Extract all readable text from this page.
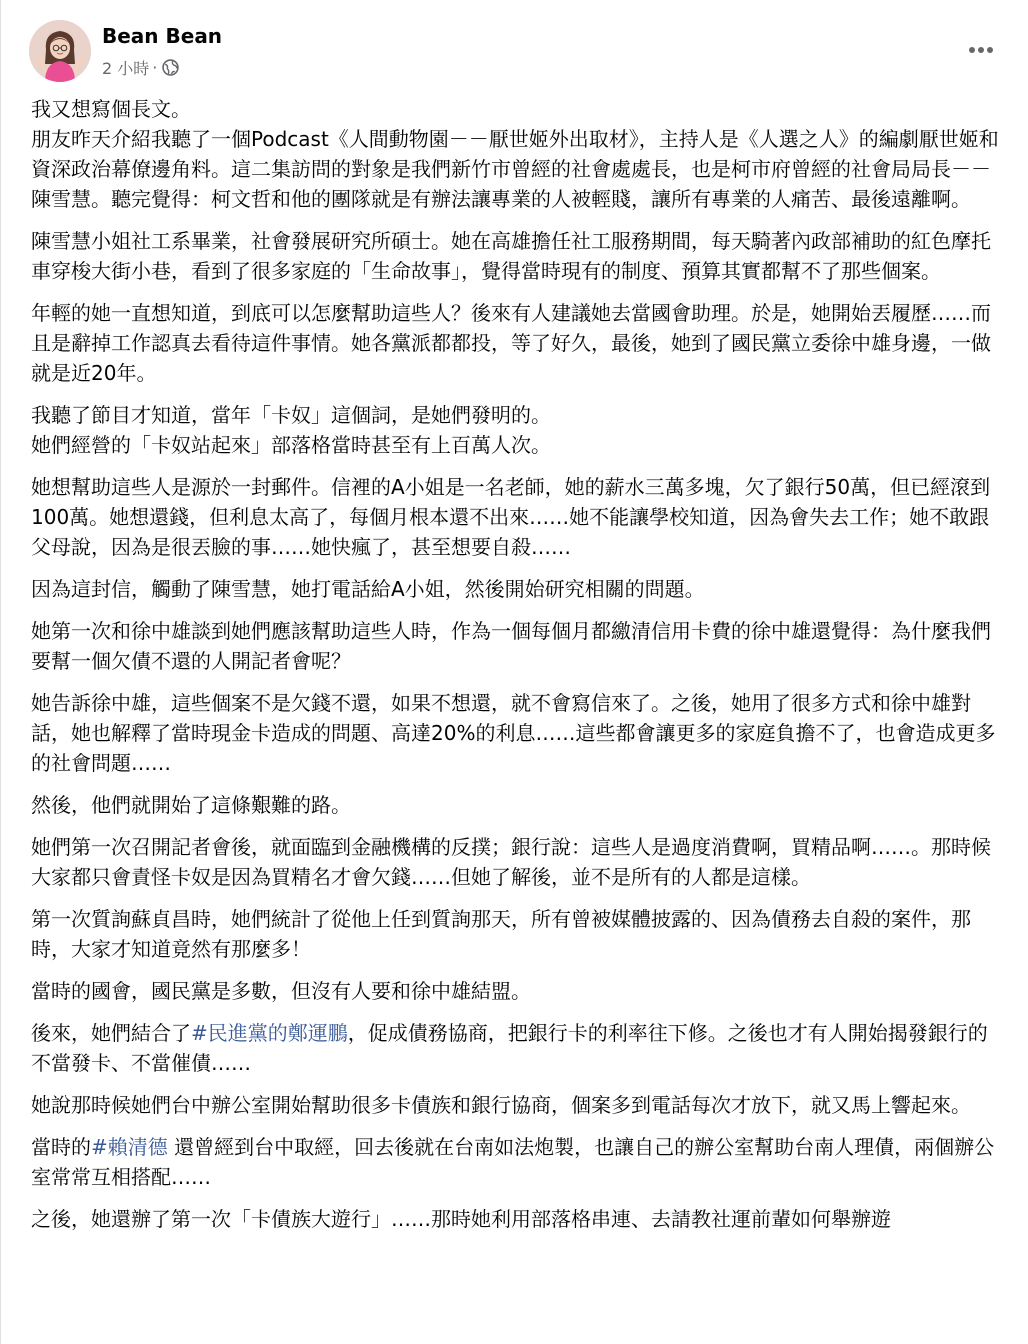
Bean Bean
2 小時 ·

我又想寫個長文。
朋友昨天介紹我聽了一個Podcast《人間動物園－－厭世姬外出取材》，主持人是《人選之人》的編劇厭世姬和資深政治幕僚邊角料。這二集訪問的對象是我們新竹市曾經的社會處處長，也是柯市府曾經的社會局局長－－陳雪慧。聽完覺得：柯文哲和他的團隊就是有辦法讓專業的人被輕賤，讓所有專業的人痛苦、最後遠離啊。

陳雪慧小姐社工系畢業，社會發展研究所碩士。她在高雄擔任社工服務期間，每天騎著內政部補助的紅色摩托車穿梭大街小巷，看到了很多家庭的「生命故事」，覺得當時現有的制度、預算其實都幫不了那些個案。

年輕的她一直想知道，到底可以怎麼幫助這些人？後來有人建議她去當國會助理。於是，她開始丟履歷……而且是辭掉工作認真去看待這件事情。她各黨派都都投，等了好久，最後，她到了國民黨立委徐中雄身邊，一做就是近20年。

我聽了節目才知道，當年「卡奴」這個詞，是她們發明的。
她們經營的「卡奴站起來」部落格當時甚至有上百萬人次。

她想幫助這些人是源於一封郵件。信裡的A小姐是一名老師，她的薪水三萬多塊，欠了銀行50萬，但已經滾到100萬。她想還錢，但利息太高了，每個月根本還不出來……她不能讓學校知道，因為會失去工作；她不敢跟父母說，因為是很丟臉的事……她快瘋了，甚至想要自殺……

因為這封信，觸動了陳雪慧，她打電話給A小姐，然後開始研究相關的問題。

她第一次和徐中雄談到她們應該幫助這些人時，作為一個每個月都繳清信用卡費的徐中雄還覺得：為什麼我們要幫一個欠債不還的人開記者會呢？

她告訴徐中雄，這些個案不是欠錢不還，如果不想還，就不會寫信來了。之後，她用了很多方式和徐中雄對話，她也解釋了當時現金卡造成的問題、高達20%的利息……這些都會讓更多的家庭負擔不了，也會造成更多的社會問題……

然後，他們就開始了這條艱難的路。

她們第一次召開記者會後，就面臨到金融機構的反撲；銀行說：這些人是過度消費啊，買精品啊……。那時候大家都只會責怪卡奴是因為買精名才會欠錢……但她了解後，並不是所有的人都是這樣。

第一次質詢蘇貞昌時，她們統計了從他上任到質詢那天，所有曾被媒體披露的、因為債務去自殺的案件，那時，大家才知道竟然有那麼多！

當時的國會，國民黨是多數，但沒有人要和徐中雄結盟。

後來，她們結合了#民進黨的鄭運鵬，促成債務協商，把銀行卡的利率往下修。之後也才有人開始揭發銀行的不當發卡、不當催債……

她說那時候她們台中辦公室開始幫助很多卡債族和銀行協商，個案多到電話每次才放下，就又馬上響起來。

當時的#賴清德 還曾經到台中取經，回去後就在台南如法炮製，也讓自己的辦公室幫助台南人理債，兩個辦公室常常互相搭配……

之後，她還辦了第一次「卡債族大遊行」……那時她利用部落格串連、去請教社運前輩如何舉辦遊
